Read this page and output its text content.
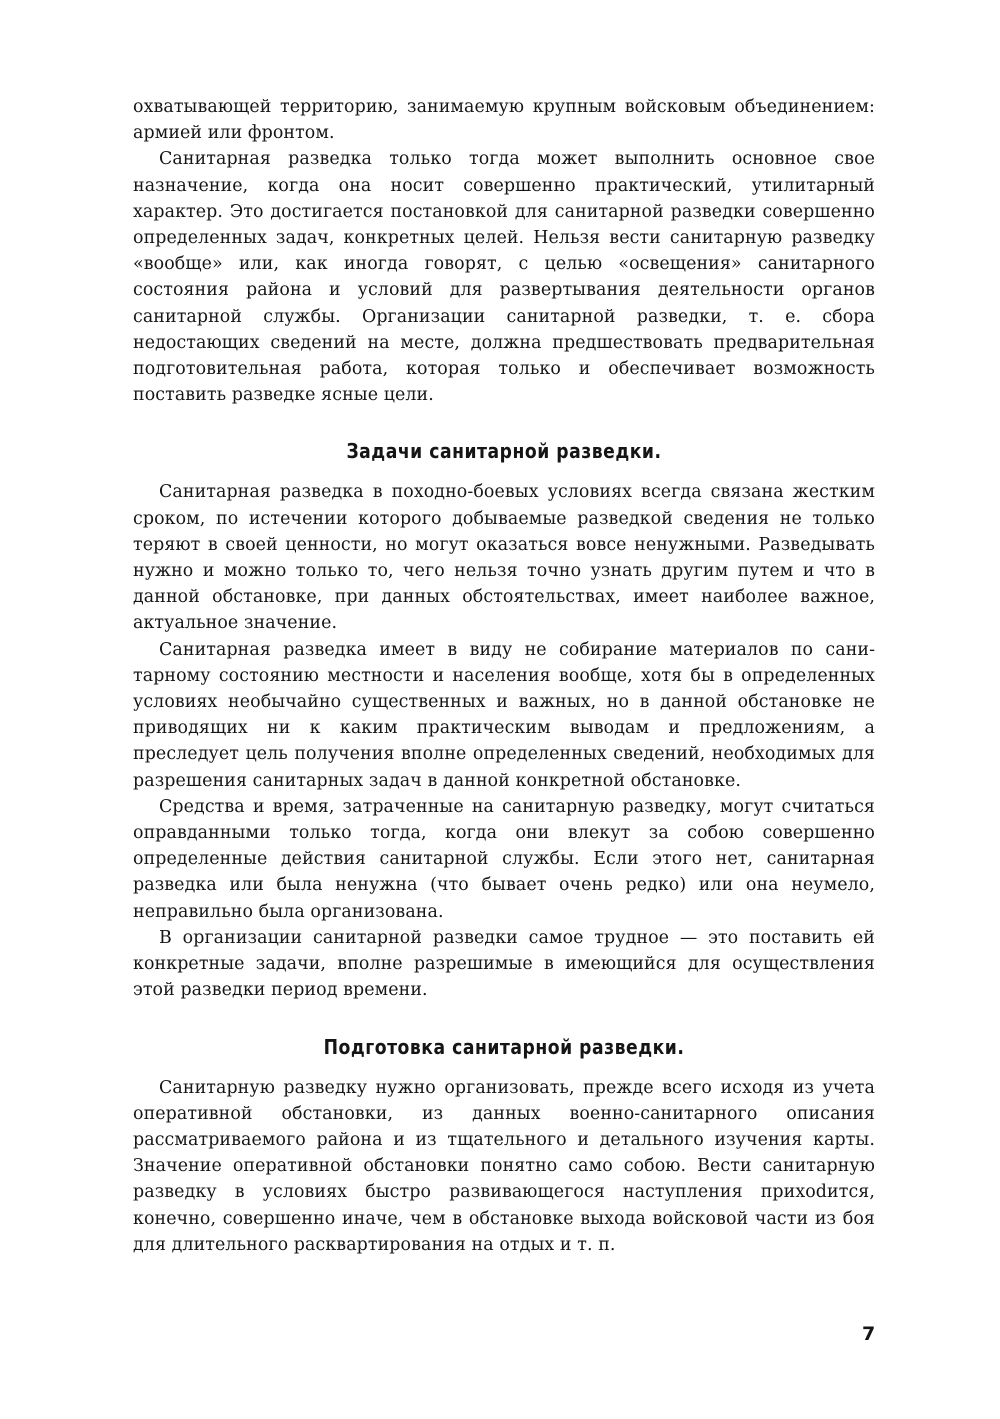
охватывающей территорию, занимаемую крупным войсковым объединением: армией или фронтом.

Санитарная разведка только тогда может выполнить основное свое назначение, когда она носит совершенно практический, утилитарный характер. Это достигается постановкой для санитарной разведки совершенно определенных задач, конкретных целей. Нельзя вести санитарную разведку «вообще» или, как иногда говорят, с целью «освещения» санитарного состояния района и условий для развертывания деятельности органов санитарной службы. Организации санитарной разведки, т. е. сбора недостающих сведений на месте, должна предшествовать предварительная подготовительная работа, которая только и обеспечивает возможность поставить разведке ясные цели.

Задачи санитарной разведки.

Санитарная разведка в походно-боевых условиях всегда связана жестким сроком, по истечении которого добываемые разведкой сведения не только теряют в своей ценности, но могут оказаться вовсе ненужными. Разведывать нужно и можно только то, чего нельзя точно узнать другим путем и что в данной обстановке, при данных обстоятельствах, имеет наиболее важное, актуальное значение.

Санитарная разведка имеет в виду не собирание материалов по санитарному состоянию местности и населения вообще, хотя бы в определенных условиях необычайно существенных и важных, но в данной обстановке не приводящих ни к каким практическим выводам и предложениям, а преследует цель получения вполне определенных сведений, необходимых для разрешения санитарных задач в данной конкретной обстановке.

Средства и время, затраченные на санитарную разведку, могут считаться оправданными только тогда, когда они влекут за собою совершенно определенные действия санитарной службы. Если этого нет, санитарная разведка или была ненужна (что бывает очень редко) или она неумело, неправильно была организована.

В организации санитарной разведки самое трудное — это поставить ей конкретные задачи, вполне разрешимые в имеющийся для осуществления этой разведки период времени.

Подготовка санитарной разведки.

Санитарную разведку нужно организовать, прежде всего исходя из учета оперативной обстановки, из данных военно-санитарного описания рассматриваемого района и из тщательного и детального изучения карты. Значение оперативной обстановки понятно само собою. Вести санитарную разведку в условиях быстро развивающегося наступления прихоdится, конечно, совершенно иначе, чем в обстановке выхода войсковой части из боя для длительного расквартирования на отдых и т. п.

7
